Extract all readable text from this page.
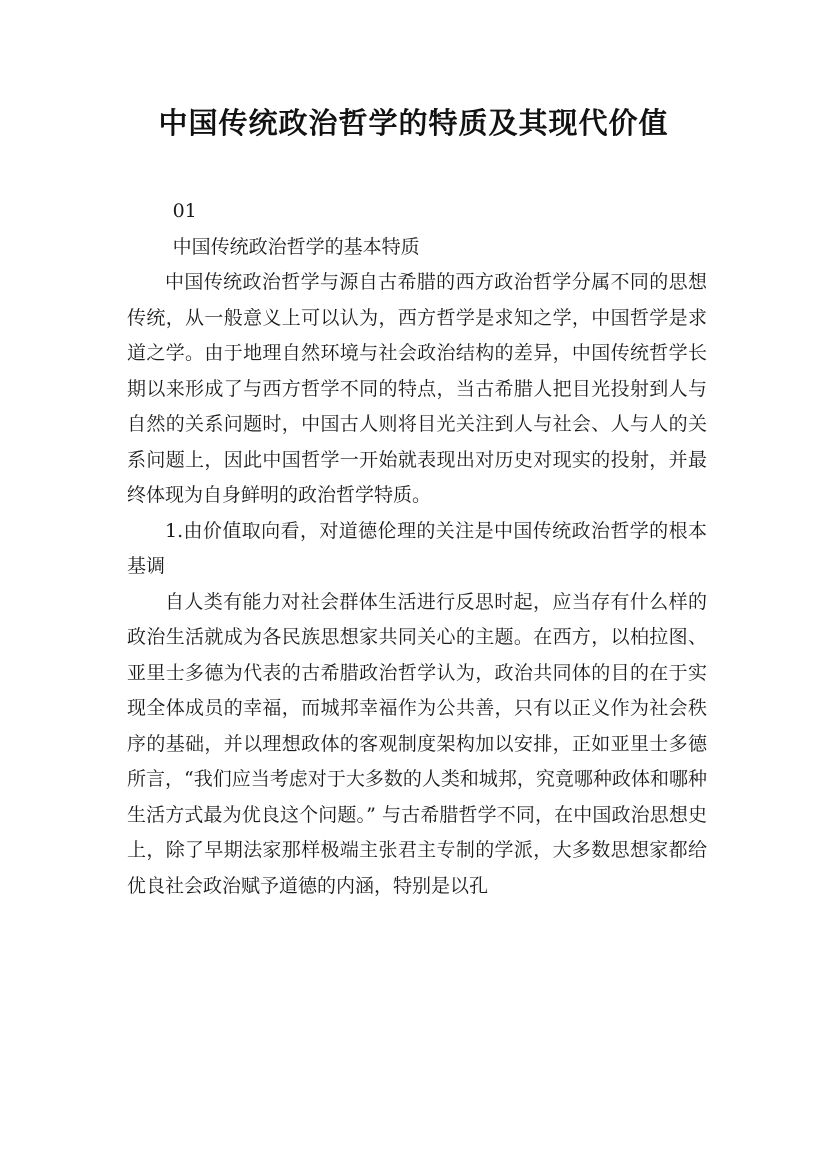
中国传统政治哲学的特质及其现代价值

01

中国传统政治哲学的基本特质

中国传统政治哲学与源自古希腊的西方政治哲学分属不同的思想传统，从一般意义上可以认为，西方哲学是求知之学，中国哲学是求道之学。由于地理自然环境与社会政治结构的差异，中国传统哲学长期以来形成了与西方哲学不同的特点，当古希腊人把目光投射到人与自然的关系问题时，中国古人则将目光关注到人与社会、人与人的关系问题上，因此中国哲学一开始就表现出对历史对现实的投射，并最终体现为自身鲜明的政治哲学特质。

1.由价值取向看，对道德伦理的关注是中国传统政治哲学的根本基调

自人类有能力对社会群体生活进行反思时起，应当存有什么样的政治生活就成为各民族思想家共同关心的主题。在西方，以柏拉图、亚里士多德为代表的古希腊政治哲学认为，政治共同体的目的在于实现全体成员的幸福，而城邦幸福作为公共善，只有以正义作为社会秩序的基础，并以理想政体的客观制度架构加以安排，正如亚里士多德所言，“我们应当考虑对于大多数的人类和城邦，究竟哪种政体和哪种生活方式最为优良这个问题。” 与古希腊哲学不同，在中国政治思想史上，除了早期法家那样极端主张君主专制的学派，大多数思想家都给优良社会政治赋予道德的内涵，特别是以孔
